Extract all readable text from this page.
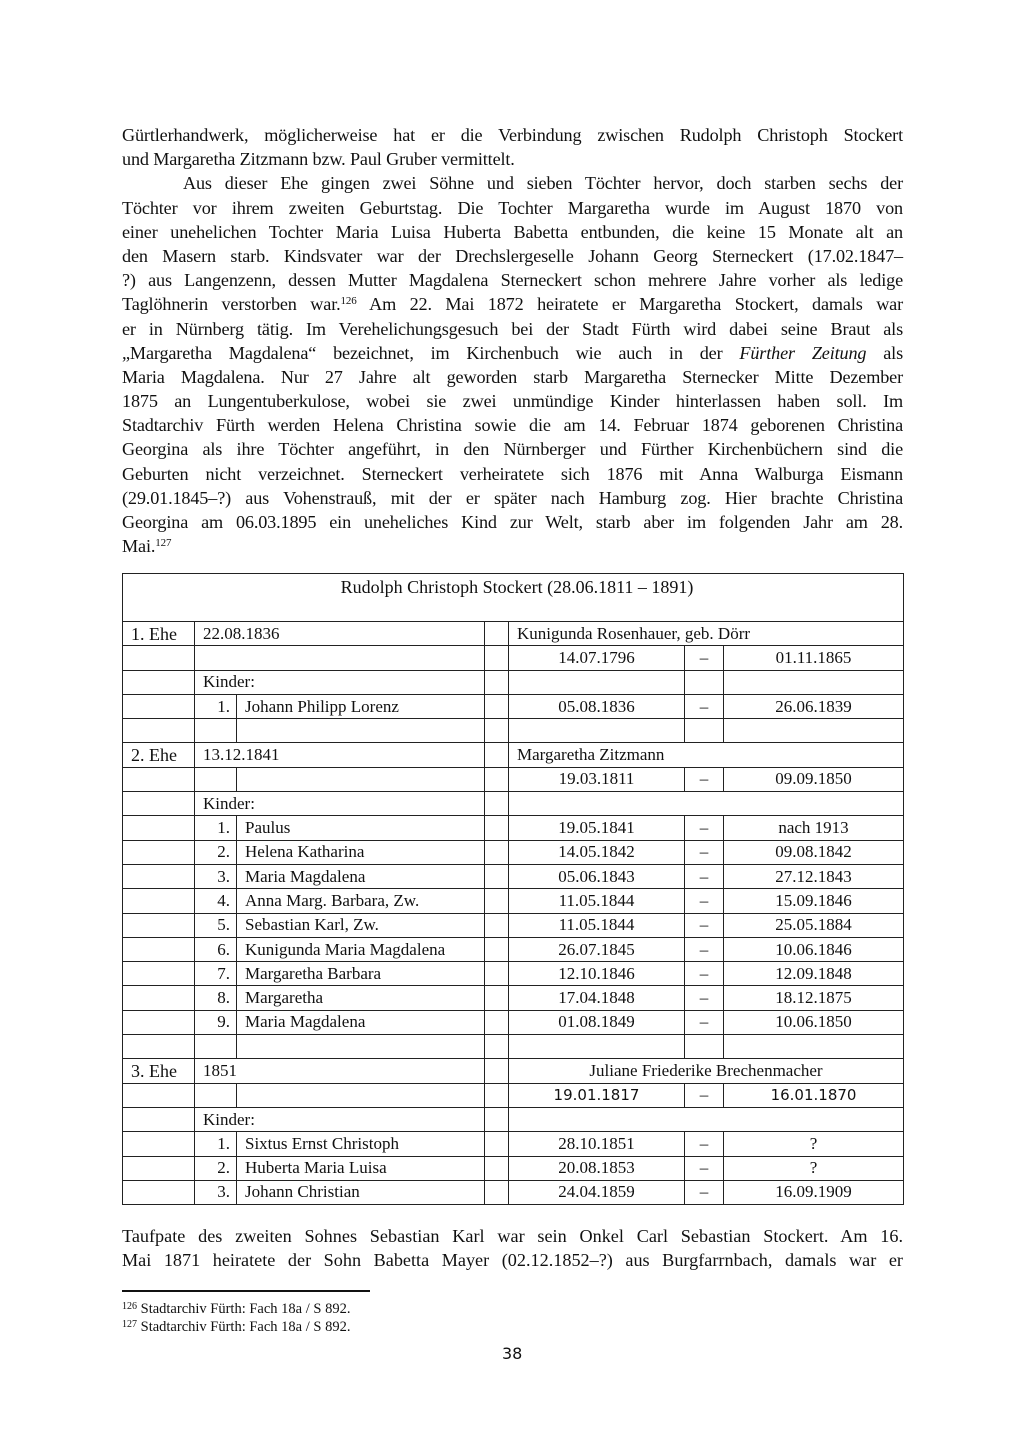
Gürtlerhandwerk, möglicherweise hat er die Verbindung zwischen Rudolph Christoph Stockert
und Margaretha Zitzmann bzw. Paul Gruber vermittelt.
Aus dieser Ehe gingen zwei Söhne und sieben Töchter hervor, doch starben sechs der
Töchter vor ihrem zweiten Geburtstag. Die Tochter Margaretha wurde im August 1870 von
einer unehelichen Tochter Maria Luisa Huberta Babetta entbunden, die keine 15 Monate alt an
den Masern starb. Kindsvater war der Drechslergeselle Johann Georg Sterneckert (17.02.1847–
?) aus Langenzenn, dessen Mutter Magdalena Sterneckert schon mehrere Jahre vorher als ledige
Taglöhnerin verstorben war.$^{126}$ Am 22. Mai 1872 heiratete er Margaretha Stockert, damals war
er in Nürnberg tätig. Im Verehelichungsgesuch bei der Stadt Fürth wird dabei seine Braut als
„Margaretha Magdalena“ bezeichnet, im Kirchenbuch wie auch in der Fürther Zeitung als
Maria Magdalena. Nur 27 Jahre alt geworden starb Margaretha Sternecker Mitte Dezember
1875 an Lungentuberkulose, wobei sie zwei unmündige Kinder hinterlassen haben soll. Im
Stadtarchiv Fürth werden Helena Christina sowie die am 14. Februar 1874 geborenen Christina
Georgina als ihre Töchter angeführt, in den Nürnberger und Fürther Kirchenbüchern sind die
Geburten nicht verzeichnet. Sterneckert verheiratete sich 1876 mit Anna Walburga Eismann
(29.01.1845–?) aus Vohenstrauß, mit der er später nach Hamburg zog. Hier brachte Christina
Georgina am 06.03.1895 ein uneheliches Kind zur Welt, starb aber im folgenden Jahr am 28.
Mai.$^{127}$
Rudolph Christoph Stockert (28.06.1811 – 1891)						
1. Ehe	22.08.1836			Kunigunda Rosenhauer, geb. Dörr		
				14.07.1796	–	01.11.1865
	Kinder:					
	1.	Johann Philipp Lorenz		05.08.1836	–	26.06.1839

2. Ehe	13.12.1841			Margaretha Zitzmann		
				19.03.1811	–	09.09.1850
	Kinder:					
	1.	Paulus		19.05.1841	–	nach 1913
	2.	Helena Katharina		14.05.1842	–	09.08.1842
	3.	Maria Magdalena		05.06.1843	–	27.12.1843
	4.	Anna Marg. Barbara, Zw.		11.05.1844	–	15.09.1846
	5.	Sebastian Karl, Zw.		11.05.1844	–	25.05.1884
	6.	Kunigunda Maria Magdalena		26.07.1845	–	10.06.1846
	7.	Margaretha Barbara		12.10.1846	–	12.09.1848
	8.	Margaretha		17.04.1848	–	18.12.1875
	9.	Maria Magdalena		01.08.1849	–	10.06.1850

3. Ehe	1851			Juliane Friederike Brechenmacher		
				19.01.1817	–	16.01.1870
	Kinder:					
	1.	Sixtus Ernst Christoph		28.10.1851	–	?
	2.	Huberta Maria Luisa		20.08.1853	–	?
	3.	Johann Christian		24.04.1859	–	16.09.1909
Taufpate des zweiten Sohnes Sebastian Karl war sein Onkel Carl Sebastian Stockert. Am 16.
Mai 1871 heiratete der Sohn Babetta Mayer (02.12.1852–?) aus Burgfarrnbach, damals war er
$^{126}$ Stadtarchiv Fürth: Fach 18a / S 892.
$^{127}$ Stadtarchiv Fürth: Fach 18a / S 892.
38
